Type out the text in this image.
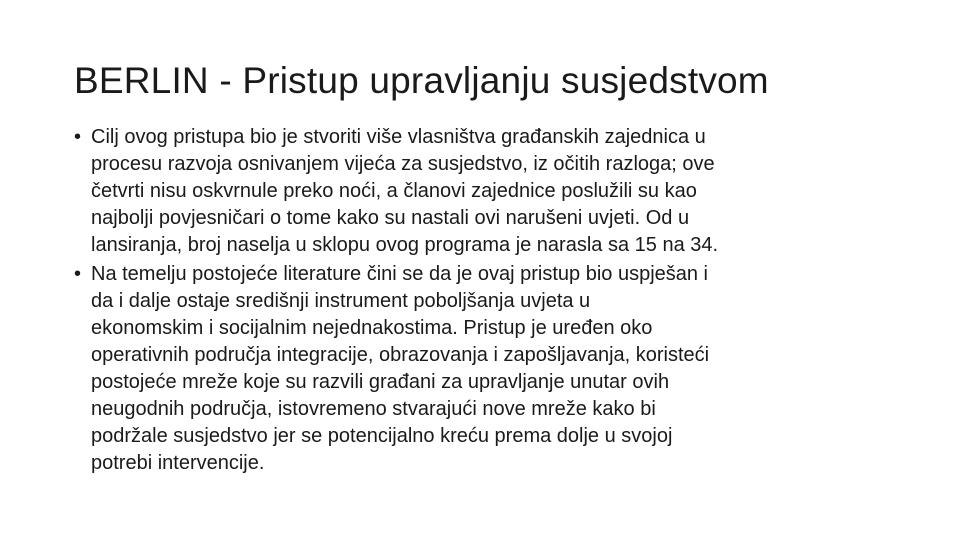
BERLIN - Pristup upravljanju susjedstvom
• Cilj ovog pristupa bio je stvoriti više vlasništva građanskih zajednica u
procesu razvoja osnivanjem vijeća za susjedstvo, iz očitih razloga; ove
četvrti nisu oskvrnule preko noći, a članovi zajednice poslužili su kao
najbolji povjesničari o tome kako su nastali ovi narušeni uvjeti. Od u
lansiranja, broj naselja u sklopu ovog programa je narasla sa 15 na 34.
• Na temelju postojeće literature čini se da je ovaj pristup bio uspješan i
da i dalje ostaje središnji instrument poboljšanja uvjeta u
ekonomskim i socijalnim nejednakostima. Pristup je uređen oko
operativnih područja integracije, obrazovanja i zapošljavanja, koristeći
postojeće mreže koje su razvili građani za upravljanje unutar ovih
neugodnih područja, istovremeno stvarajući nove mreže kako bi
podržale susjedstvo jer se potencijalno kreću prema dolje u svojoj
potrebi intervencije.
